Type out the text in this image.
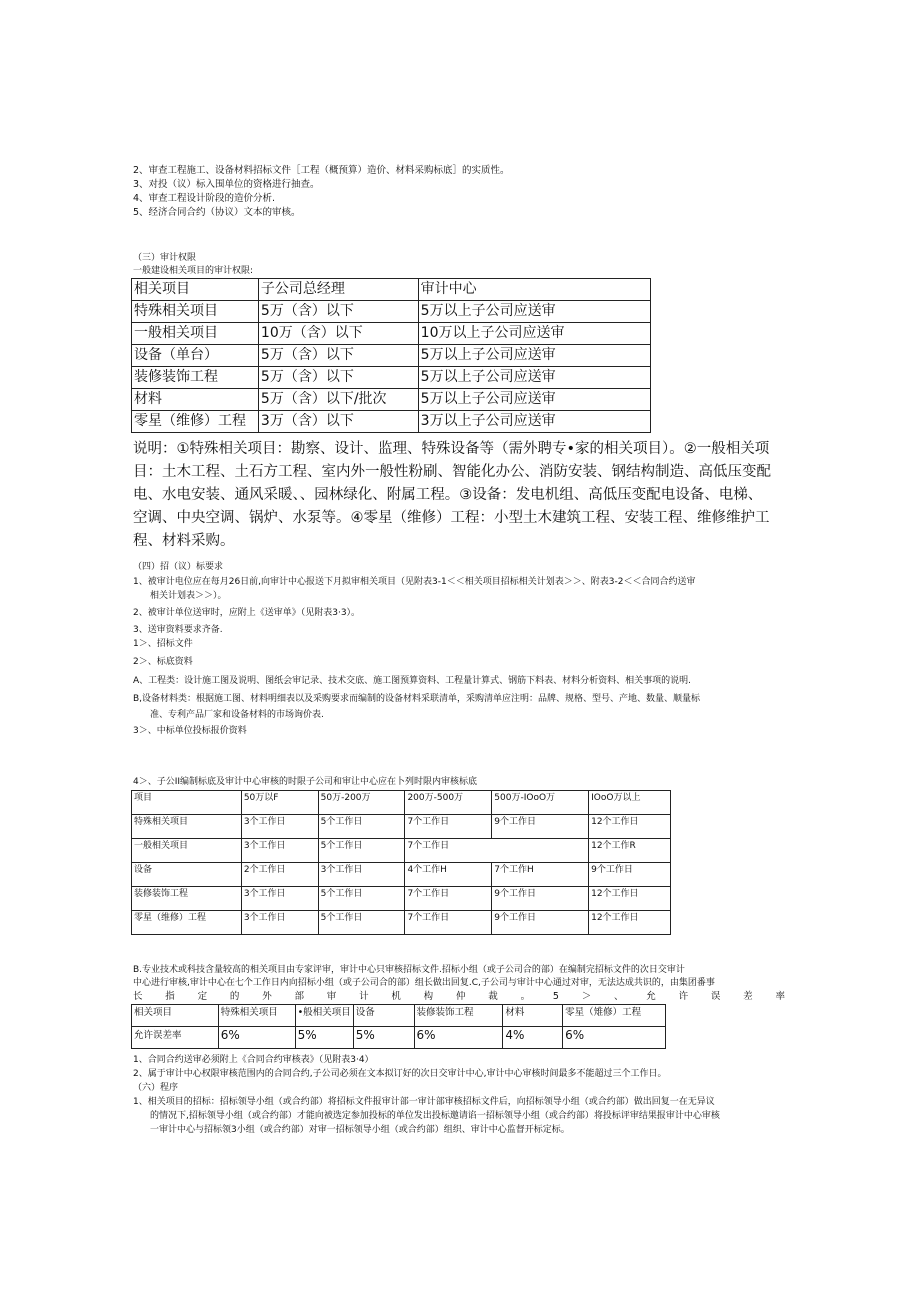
2、审查工程施工、设备材料招标文件［工程（概预算）造价、材料采购标底］的实质性。
3、对投（议）标入围单位的资格进行抽查。
4、审查工程设计阶段的造价分析.
5、经济合同合约（协议）文本的审核。
（三）审计权限
一般建设相关项目的审计权限:
相关项目	子公司总经理	审计中心
特殊相关项目	5万（含）以下	5万以上子公司应送审
一般相关项目	10万（含）以下	10万以上子公司应送审
设备（单台）	5万（含）以下	5万以上子公司应送审
装修装饰工程	5万（含）以下	5万以上子公司应送审
材料	5万（含）以下/批次	5万以上子公司应送审
零星（维修）工程	3万（含）以下	3万以上子公司应送审
说明：①特殊相关项目：勘察、设计、监理、特殊设备等（需外聘专•家的相关项目）。②一般相关项
目：土木工程、土石方工程、室内外一般性粉刷、智能化办公、消防安装、钢结构制造、高低压变配
电、水电安装、通风采暖、、园林绿化、附属工程。③设备：发电机组、高低压变配电设备、电梯、
空调、中央空调、锅炉、水泵等。④零星（维修）工程：小型土木建筑工程、安装工程、维修维护工
程、材料采购。
（四）招（议）标要求
1、被审计电位应在每月26日前,向审计中心报送下月拟审相关项目（见附表3-1＜＜相关项目招标相关计划表＞＞、附表3-2＜＜合同合约送审
相关计划表＞＞）。
2、被审计单位送审时，应附上《送审单》（见附表3·3）。
3、送审资料要求齐备.
1＞、招标文件
2＞、标底资料
A、工程类：设计施工图及说明、图纸会审记录、技术交底、施工图预算资料、工程量计算式、钢筋下料表、材料分析资料、相关事项的说明.
B,设备材料类：根据施工图、材料明细表以及采购要求而编制的设备材料采联清单，采购清单应注明：品牌、规格、型号、产地、数量、顺量标
准、专利产品厂家和设备材料的市场询价表.
3＞、中标单位投标报价资料
4＞、子公II编制标底及审计中心审核的时限子公司和审让中心应在卜列时限内审核标底
项目	50万以F	50万-200万	200万-500万	500万-IOoO万	IOoO万以上
特殊相关项目	3个工作日	5个工作日	7个工作日	9个工作日	12个工作日
一般相关项目	3个工作日	5个工作日	7个工作日		12个工作R
设备	2个工作日	3个工作日	4个工作H	7个工作H	9个工作日
装修装饰工程	3个工作日	5个工作日	7个工作日	9个工作日	12个工作日
零星（维修）工程	3个工作日	5个工作日	7个工作日	9个工作日	12个工作日
B.专业技术或科技含量较高的相关项目由专家评审，审计中心只审核招标文件.招标小组（或子公司合的部）在编制完招标文件的次日交审计
中心进行审核,审计中心在七个工作日内向招标小组（或子公司合的部）组长做出回复.C,子公司与审计中心通过对审，无法达成共识的，由集团番事
长 指 定 的 外 部 审 计 机 构 仲 裁 。 5 ＞ 、 允 许 误 差 率
相关项目	特殊相关项目	•般相关项目	设备	装修装饰工程	材料	零星（雉修）工程
允许误差率	6%	5%	5%	6%	4%	6%
1、合同合约送审必须附上《合同合约审核表》（见附表3·4）
2、属于审计中心权限审核范围内的合同合约,子公司必须在文本拟订好的次日交审计中心,审计中心审核时间最多不能超过三个工作日。
（六）程序
1、相关项目的招标：招标领导小组（或合约部）将招标文件报审计部一审计部审核招标文件后，向招标领导小组（或合约部）做出回复一在无异议
的情况下,招标领导小组（或合约部）才能向被选定参加投标的单位发出投标邀请谄一招标领导小组（或合约部）将投标评审结果报审计中心审核
一审计中心与招标领3小组（或合约部）对审一招标领导小组（或合约部）组织、审计中心监督开标定标。
